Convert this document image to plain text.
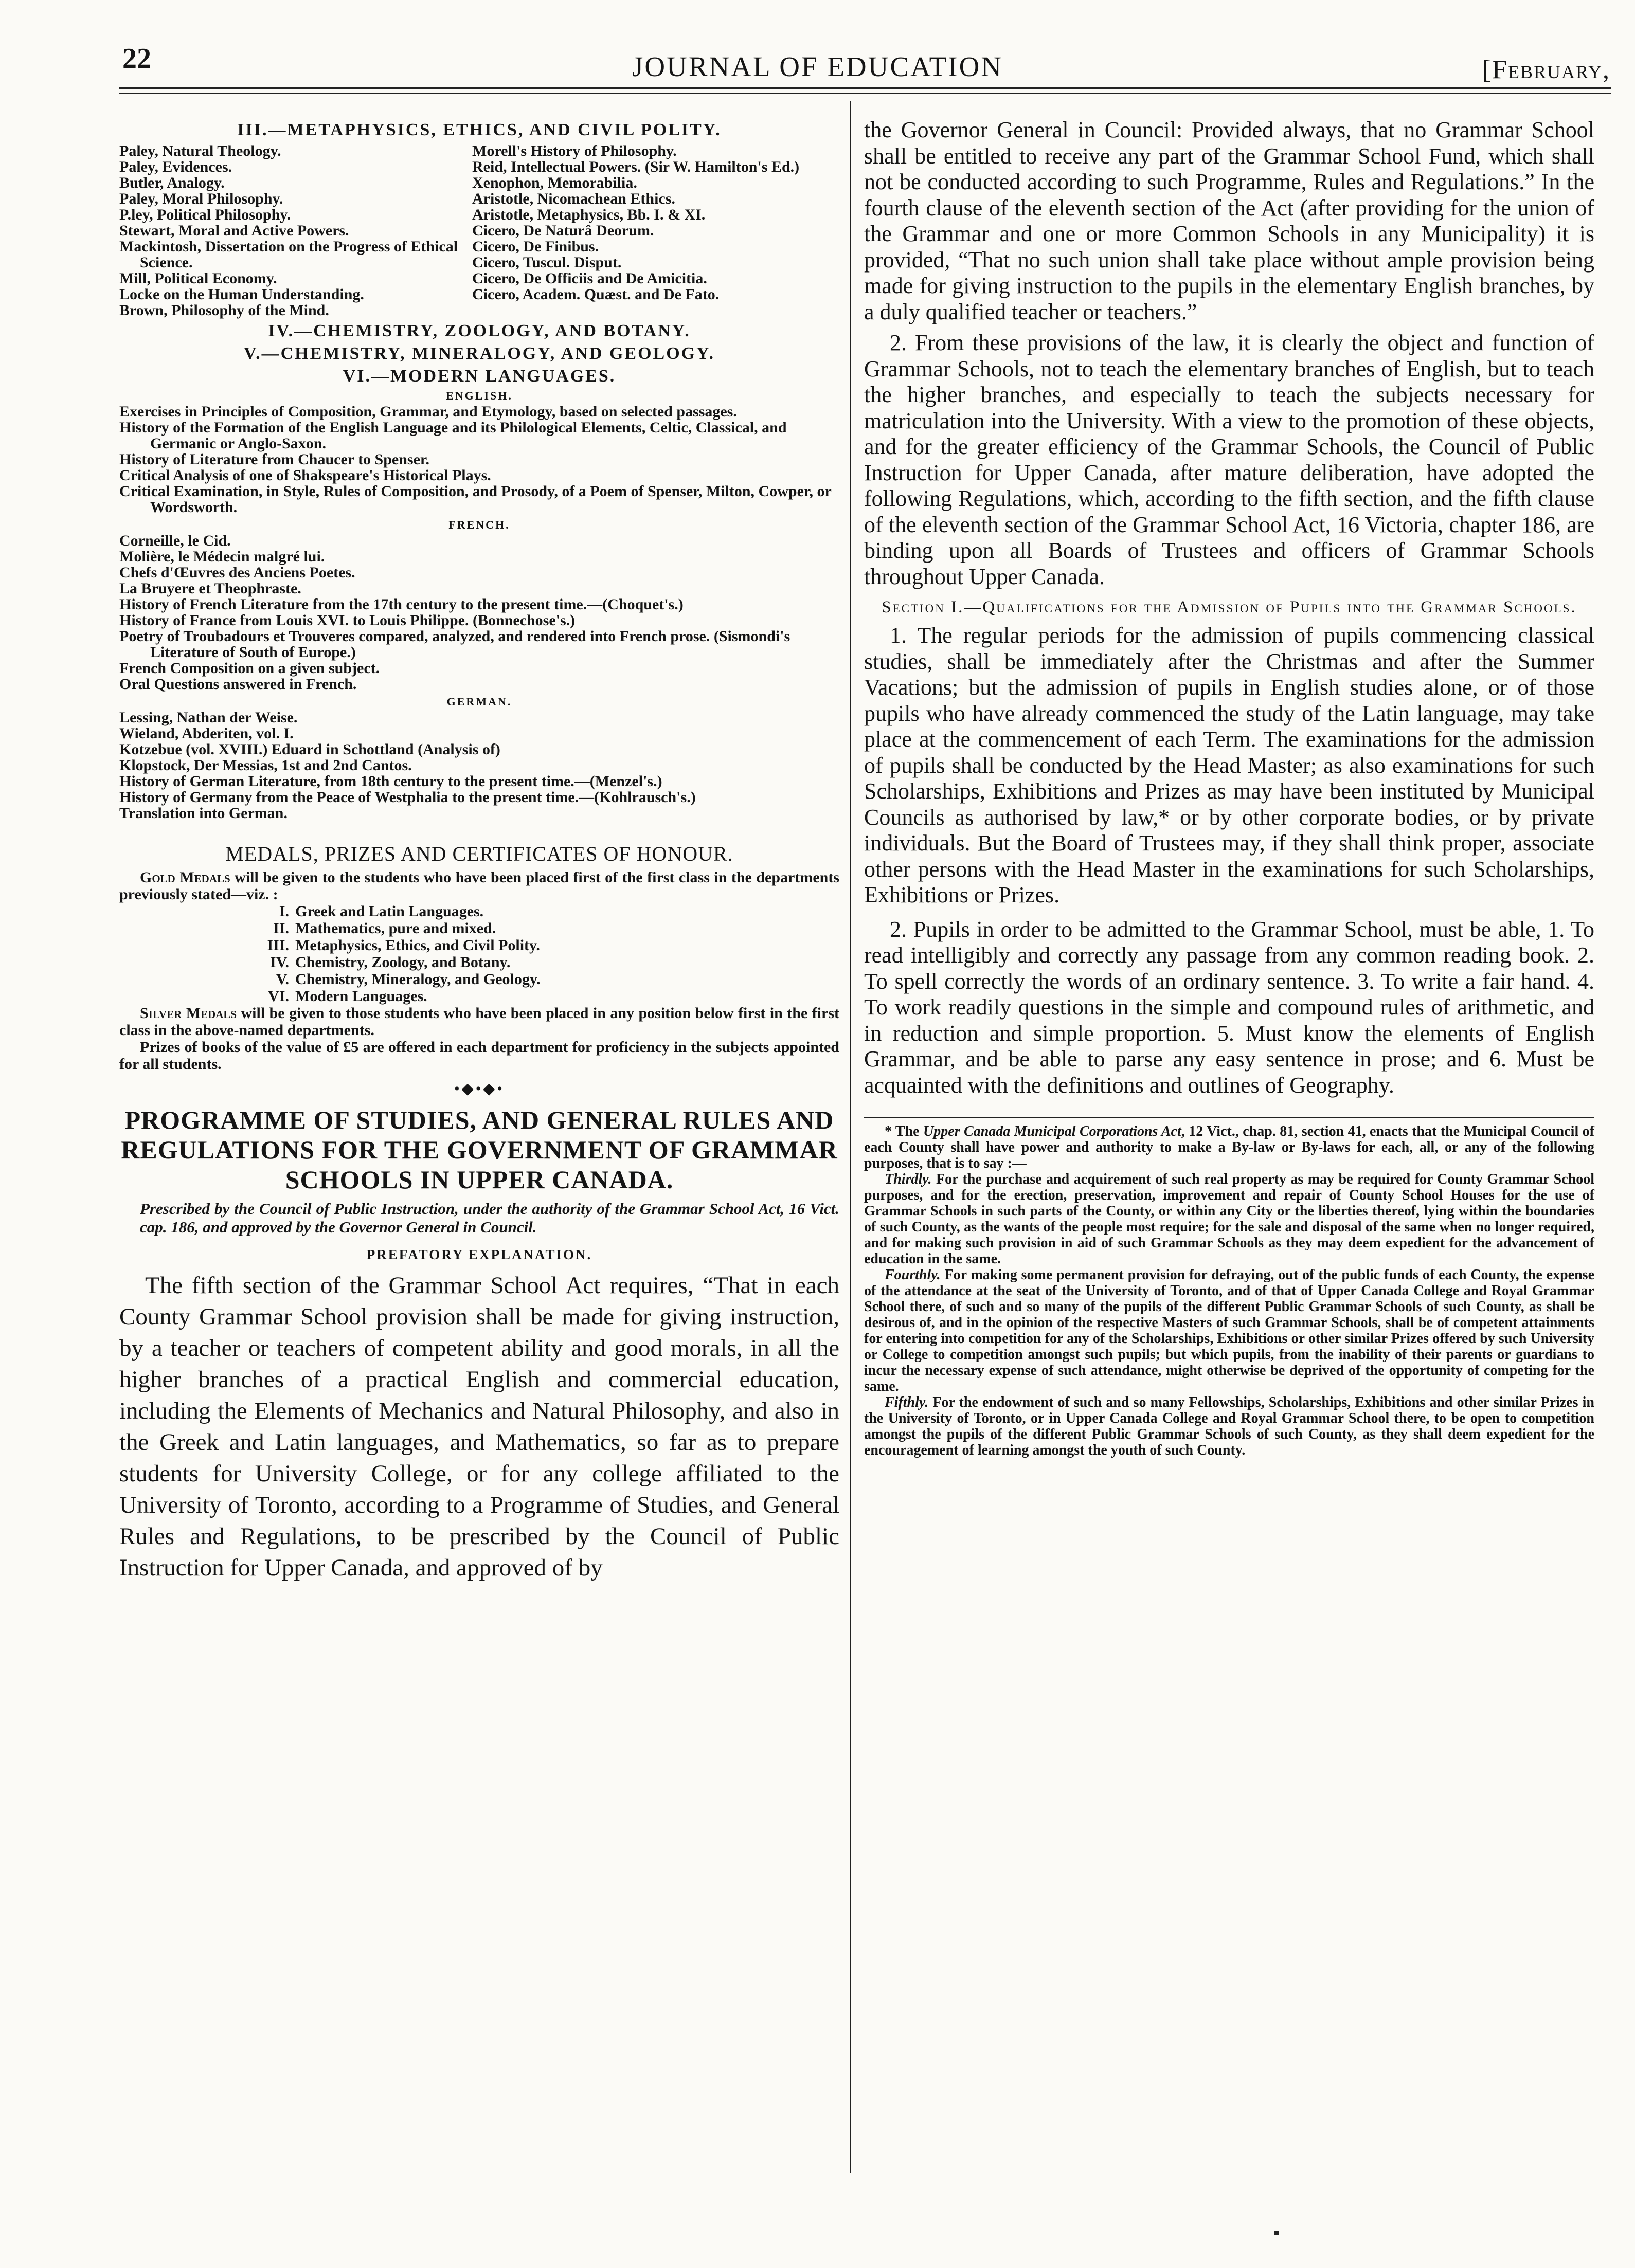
22	JOURNAL OF EDUCATION	[February,
III.—METAPHYSICS, ETHICS, AND CIVIL POLITY.
Paley, Natural Theology.
Paley, Evidences.
Butler, Analogy.
Paley, Moral Philosophy.
P.ley, Political Philosophy.
Stewart, Moral and Active Powers.
Mackintosh, Dissertation on the Progress of Ethical Science.
Mill, Political Economy.
Locke on the Human Understanding.
Brown, Philosophy of the Mind.
Morell's History of Philosophy.
Reid, Intellectual Powers. (Sir W. Hamilton's Ed.)
Xenophon, Memorabilia.
Aristotle, Nicomachean Ethics.
Aristotle, Metaphysics, Bb. I. & XI.
Cicero, De Naturâ Deorum.
Cicero, De Finibus.
Cicero, Tuscul. Disput.
Cicero, De Officiis and De Amicitia.
Cicero, Academ. Quæst. and De Fato.
IV.—CHEMISTRY, ZOOLOGY, AND BOTANY.
V.—CHEMISTRY, MINERALOGY, AND GEOLOGY.
VI.—MODERN LANGUAGES.
ENGLISH.
Exercises in Principles of Composition, Grammar, and Etymology, based on selected passages.
History of the Formation of the English Language and its Philological Elements, Celtic, Classical, and Germanic or Anglo-Saxon.
History of Literature from Chaucer to Spenser.
Critical Analysis of one of Shakspeare's Historical Plays.
Critical Examination, in Style, Rules of Composition, and Prosody, of a Poem of Spenser, Milton, Cowper, or Wordsworth.
FRENCH.
Corneille, le Cid.
Molière, le Médecin malgré lui.
Chefs d'Œuvres des Anciens Poetes.
La Bruyere et Theophraste.
History of French Literature from the 17th century to the present time.—(Choquet's.)
History of France from Louis XVI. to Louis Philippe. (Bonnechose's.)
Poetry of Troubadours et Trouveres compared, analyzed, and rendered into French prose. (Sismondi's Literature of South of Europe.)
French Composition on a given subject.
Oral Questions answered in French.
GERMAN.
Lessing, Nathan der Weise.
Wieland, Abderiten, vol. I.
Kotzebue (vol. XVIII.) Eduard in Schottland (Analysis of)
Klopstock, Der Messias, 1st and 2nd Cantos.
History of German Literature, from 18th century to the present time.—(Menzel's.)
History of Germany from the Peace of Westphalia to the present time.—(Kohlrausch's.)
Translation into German.
MEDALS, PRIZES AND CERTIFICATES OF HONOUR.
Gold Medals will be given to the students who have been placed first of the first class in the departments previously stated—viz. :
I. Greek and Latin Languages.
II. Mathematics, pure and mixed.
III. Metaphysics, Ethics, and Civil Polity.
IV. Chemistry, Zoology, and Botany.
V. Chemistry, Mineralogy, and Geology.
VI. Modern Languages.
Silver Medals will be given to those students who have been placed in any position below first in the first class in the above-named departments.
Prizes of books of the value of £5 are offered in each department for proficiency in the subjects appointed for all students.
•◆•◆•
PROGRAMME OF STUDIES, AND GENERAL RULES AND REGULATIONS FOR THE GOVERNMENT OF GRAMMAR SCHOOLS IN UPPER CANADA.
Prescribed by the Council of Public Instruction, under the authority of the Grammar School Act, 16 Vict. cap. 186, and approved by the Governor General in Council.
PREFATORY EXPLANATION.
The fifth section of the Grammar School Act requires, “That in each County Grammar School provision shall be made for giving instruction, by a teacher or teachers of competent ability and good morals, in all the higher branches of a practical English and commercial education, including the Elements of Mechanics and Natural Philosophy, and also in the Greek and Latin languages, and Mathematics, so far as to prepare students for University College, or for any college affiliated to the University of Toronto, according to a Programme of Studies, and General Rules and Regulations, to be prescribed by the Council of Public Instruction for Upper Canada, and approved of by

the Governor General in Council: Provided always, that no Grammar School shall be entitled to receive any part of the Grammar School Fund, which shall not be conducted according to such Programme, Rules and Regulations.” In the fourth clause of the eleventh section of the Act (after providing for the union of the Grammar and one or more Common Schools in any Municipality) it is provided, “That no such union shall take place without ample provision being made for giving instruction to the pupils in the elementary English branches, by a duly qualified teacher or teachers.”

2. From these provisions of the law, it is clearly the object and function of Grammar Schools, not to teach the elementary branches of English, but to teach the higher branches, and especially to teach the subjects necessary for matriculation into the University. With a view to the promotion of these objects, and for the greater efficiency of the Grammar Schools, the Council of Public Instruction for Upper Canada, after mature deliberation, have adopted the following Regulations, which, according to the fifth section, and the fifth clause of the eleventh section of the Grammar School Act, 16 Victoria, chapter 186, are binding upon all Boards of Trustees and officers of Grammar Schools throughout Upper Canada.

Section I.—Qualifications for the Admission of Pupils into the Grammar Schools.

1. The regular periods for the admission of pupils commencing classical studies, shall be immediately after the Christmas and after the Summer Vacations; but the admission of pupils in English studies alone, or of those pupils who have already commenced the study of the Latin language, may take place at the commencement of each Term. The examinations for the admission of pupils shall be conducted by the Head Master; as also examinations for such Scholarships, Exhibitions and Prizes as may have been instituted by Municipal Councils as authorised by law,* or by other corporate bodies, or by private individuals. But the Board of Trustees may, if they shall think proper, associate other persons with the Head Master in the examinations for such Scholarships, Exhibitions or Prizes.

2. Pupils in order to be admitted to the Grammar School, must be able, 1. To read intelligibly and correctly any passage from any common reading book. 2. To spell correctly the words of an ordinary sentence. 3. To write a fair hand. 4. To work readily questions in the simple and compound rules of arithmetic, and in reduction and simple proportion. 5. Must know the elements of English Grammar, and be able to parse any easy sentence in prose; and 6. Must be acquainted with the definitions and outlines of Geography.

* The Upper Canada Municipal Corporations Act, 12 Vict., chap. 81, section 41, enacts that the Municipal Council of each County shall have power and authority to make a By-law or By-laws for each, all, or any of the following purposes, that is to say :—
Thirdly. For the purchase and acquirement of such real property as may be required for County Grammar School purposes, and for the erection, preservation, improvement and repair of County School Houses for the use of Grammar Schools in such parts of the County, or within any City or the liberties thereof, lying within the boundaries of such County, as the wants of the people most require; for the sale and disposal of the same when no longer required, and for making such provision in aid of such Grammar Schools as they may deem expedient for the advancement of education in the same.
Fourthly. For making some permanent provision for defraying, out of the public funds of each County, the expense of the attendance at the seat of the University of Toronto, and of that of Upper Canada College and Royal Grammar School there, of such and so many of the pupils of the different Public Grammar Schools of such County, as shall be desirous of, and in the opinion of the respective Masters of such Grammar Schools, shall be of competent attainments for entering into competition for any of the Scholarships, Exhibitions or other similar Prizes offered by such University or College to competition amongst such pupils; but which pupils, from the inability of their parents or guardians to incur the necessary expense of such attendance, might otherwise be deprived of the opportunity of competing for the same.
Fifthly. For the endowment of such and so many Fellowships, Scholarships, Exhibitions and other similar Prizes in the University of Toronto, or in Upper Canada College and Royal Grammar School there, to be open to competition amongst the pupils of the different Public Grammar Schools of such County, as they shall deem expedient for the encouragement of learning amongst the youth of such County.
